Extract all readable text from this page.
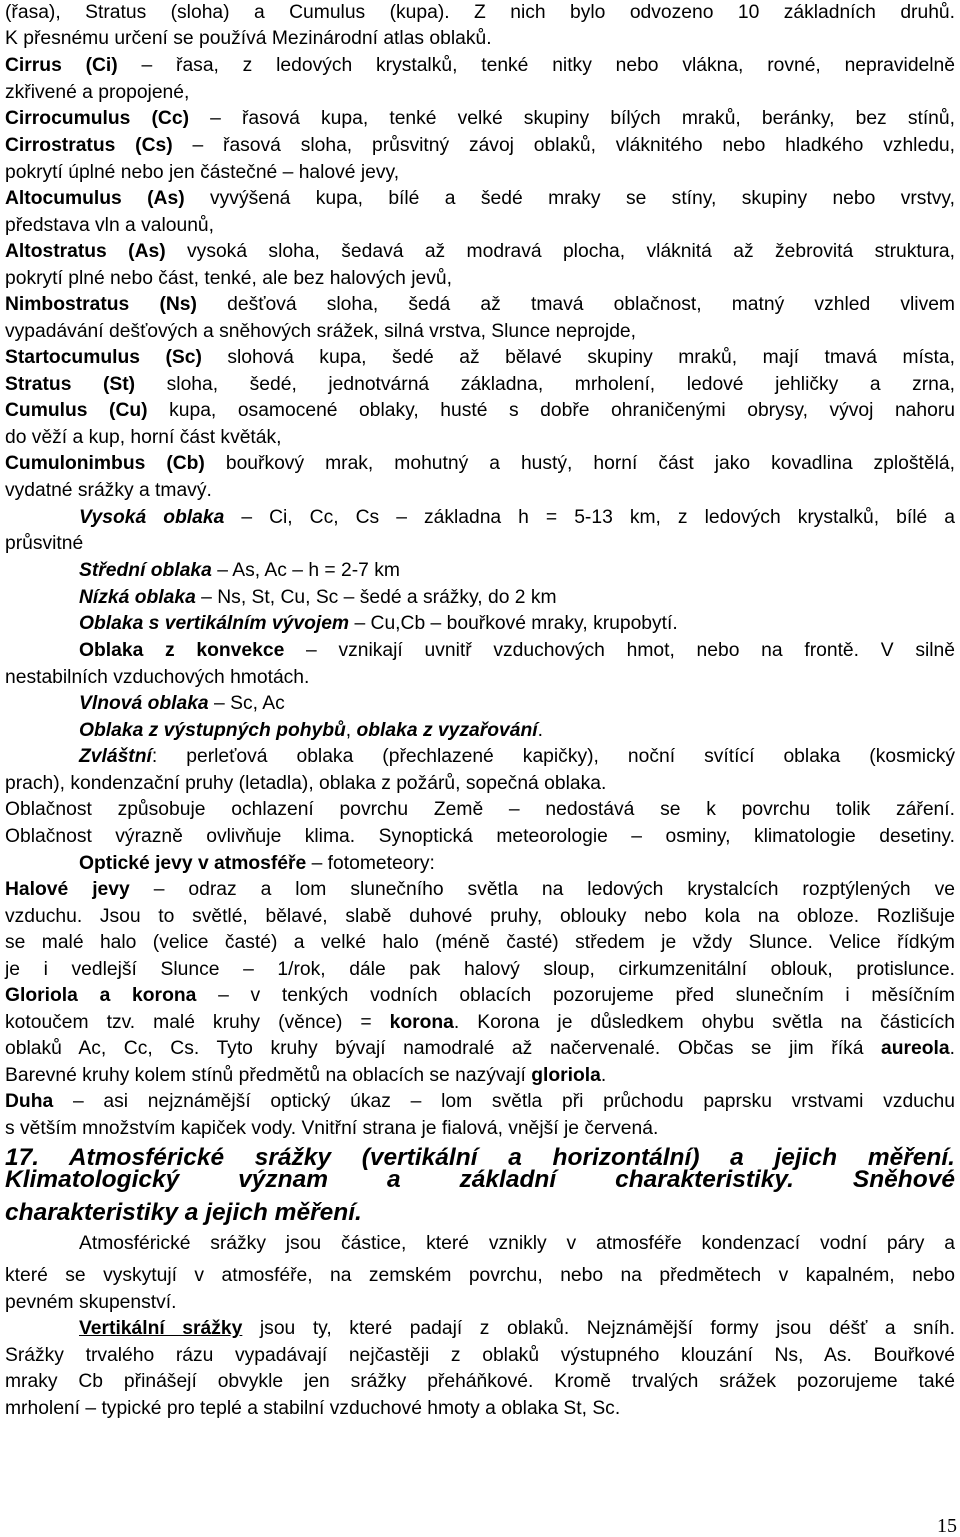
(řasa), Stratus (sloha) a Cumulus (kupa). Z nich bylo odvozeno 10 základních druhů.
K přesnému určení se používá Mezinárodní atlas oblaků.
Cirrus (Ci) – řasa, z ledových krystalků, tenké nitky nebo vlákna, rovné, nepravidelně
zkřivené a propojené,
Cirrocumulus (Cc) – řasová kupa, tenké velké skupiny bílých mraků, beránky, bez stínů,
Cirrostratus (Cs) – řasová sloha, průsvitný závoj oblaků, vláknitého nebo hladkého vzhledu,
pokrytí úplné nebo jen částečné – halové jevy,
Altocumulus (As) vyvýšená kupa, bílé a šedé mraky se stíny, skupiny nebo vrstvy,
představa vln a valounů,
Altostratus (As) vysoká sloha, šedavá až modravá plocha, vláknitá až žebrovitá struktura,
pokrytí plné nebo část, tenké, ale bez halových jevů,
Nimbostratus (Ns) dešťová sloha, šedá až tmavá oblačnost, matný vzhled vlivem
vypadávání dešťových a sněhových srážek, silná vrstva, Slunce neprojde,
Startocumulus (Sc) slohová kupa, šedé až bělavé skupiny mraků, mají tmavá místa,
Stratus (St) sloha, šedé, jednotvárná základna, mrholení, ledové jehličky a zrna,
Cumulus (Cu) kupa, osamocené oblaky, husté s dobře ohraničenými obrysy, vývoj nahoru
do věží a kup, horní část květák,
Cumulonimbus (Cb) bouřkový mrak, mohutný a hustý, horní část jako kovadlina zploštělá,
vydatné srážky a tmavý.
Vysoká oblaka – Ci, Cc, Cs – základna h = 5-13 km, z ledových krystalků, bílé a
průsvitné
Střední oblaka – As, Ac – h = 2-7 km
Nízká oblaka – Ns, St, Cu, Sc – šedé a srážky, do 2 km
Oblaka s vertikálním vývojem – Cu,Cb – bouřkové mraky, krupobytí.
Oblaka z konvekce – vznikají uvnitř vzduchových hmot, nebo na frontě. V silně
nestabilních vzduchových hmotách.
Vlnová oblaka – Sc, Ac
Oblaka z výstupných pohybů, oblaka z vyzařování.
Zvláštní: perleťová oblaka (přechlazené kapičky), noční svítící oblaka (kosmický
prach), kondenzační pruhy (letadla), oblaka z požárů, sopečná oblaka.
Oblačnost způsobuje ochlazení povrchu Země – nedostává se k povrchu tolik záření.
Oblačnost výrazně ovlivňuje klima. Synoptická meteorologie – osminy, klimatologie desetiny.
Optické jevy v atmosféře – fotometeory:
Halové jevy – odraz a lom slunečního světla na ledových krystalcích rozptýlených ve
vzduchu. Jsou to světlé, bělavé, slabě duhové pruhy, oblouky nebo kola na obloze. Rozlišuje
se malé halo (velice časté) a velké halo (méně časté) středem je vždy Slunce. Velice řídkým
je i vedlejší Slunce – 1/rok, dále pak halový sloup, cirkumzenitální oblouk, protislunce.
Gloriola a korona – v tenkých vodních oblacích pozorujeme před slunečním i měsíčním
kotoučem tzv. malé kruhy (věnce) = korona. Korona je důsledkem ohybu světla na částicích
oblaků Ac, Cc, Cs. Tyto kruhy bývají namodralé až načervenalé. Občas se jim říká aureola.
Barevné kruhy kolem stínů předmětů na oblacích se nazývají gloriola.
Duha – asi nejznámější optický úkaz – lom světla při průchodu paprsku vrstvami vzduchu
s větším množstvím kapiček vody. Vnitřní strana je fialová, vnější je červená.
17. Atmosférické srážky (vertikální a horizontální) a jejich měření.
Klimatologický význam a základní charakteristiky. Sněhové
charakteristiky a jejich měření.
Atmosférické srážky jsou částice, které vznikly v atmosféře kondenzací vodní páry a
které se vyskytují v atmosféře, na zemském povrchu, nebo na předmětech v kapalném, nebo
pevném skupenství.
Vertikální srážky jsou ty, které padají z oblaků. Nejznámější formy jsou déšť a sníh.
Srážky trvalého rázu vypadávají nejčastěji z oblaků výstupného klouzání Ns, As. Bouřkové
mraky Cb přinášejí obvykle jen srážky přeháňkové. Kromě trvalých srážek pozorujeme také
mrholení – typické pro teplé a stabilní vzduchové hmoty a oblaka St, Sc.
15
